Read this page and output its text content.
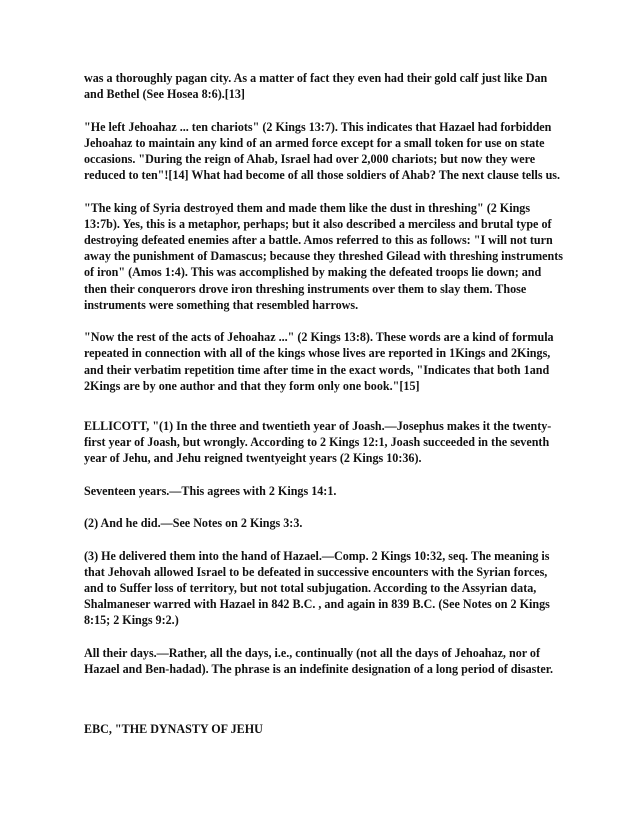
was a thoroughly pagan city. As a matter of fact they even had their gold calf just like Dan and Bethel (See Hosea 8:6).[13]

"He left Jehoahaz ... ten chariots" (2 Kings 13:7). This indicates that Hazael had forbidden Jehoahaz to maintain any kind of an armed force except for a small token for use on state occasions. "During the reign of Ahab, Israel had over 2,000 chariots; but now they were reduced to ten"![14] What had become of all those soldiers of Ahab? The next clause tells us.

"The king of Syria destroyed them and made them like the dust in threshing" (2 Kings 13:7b). Yes, this is a metaphor, perhaps; but it also described a merciless and brutal type of destroying defeated enemies after a battle. Amos referred to this as follows: "I will not turn away the punishment of Damascus; because they threshed Gilead with threshing instruments of iron" (Amos 1:4). This was accomplished by making the defeated troops lie down; and then their conquerors drove iron threshing instruments over them to slay them. Those instruments were something that resembled harrows.

"Now the rest of the acts of Jehoahaz ..." (2 Kings 13:8). These words are a kind of formula repeated in connection with all of the kings whose lives are reported in 1Kings and 2Kings, and their verbatim repetition time after time in the exact words, "Indicates that both 1and 2Kings are by one author and that they form only one book."[15]

ELLICOTT, "(1) In the three and twentieth year of Joash.—Josephus makes it the twenty-first year of Joash, but wrongly. According to 2 Kings 12:1, Joash succeeded in the seventh year of Jehu, and Jehu reigned twentyeight years (2 Kings 10:36).

Seventeen years.—This agrees with 2 Kings 14:1.

(2) And he did.—See Notes on 2 Kings 3:3.

(3) He delivered them into the hand of Hazael.—Comp. 2 Kings 10:32, seq. The meaning is that Jehovah allowed Israel to be defeated in successive encounters with the Syrian forces, and to Suffer loss of territory, but not total subjugation. According to the Assyrian data, Shalmaneser warred with Hazael in 842 B.C. , and again in 839 B.C. (See Notes on 2 Kings 8:15; 2 Kings 9:2.)

All their days.—Rather, all the days, i.e., continually (not all the days of Jehoahaz, nor of Hazael and Ben-hadad). The phrase is an indefinite designation of a long period of disaster.

EBC, "THE DYNASTY OF JEHU
